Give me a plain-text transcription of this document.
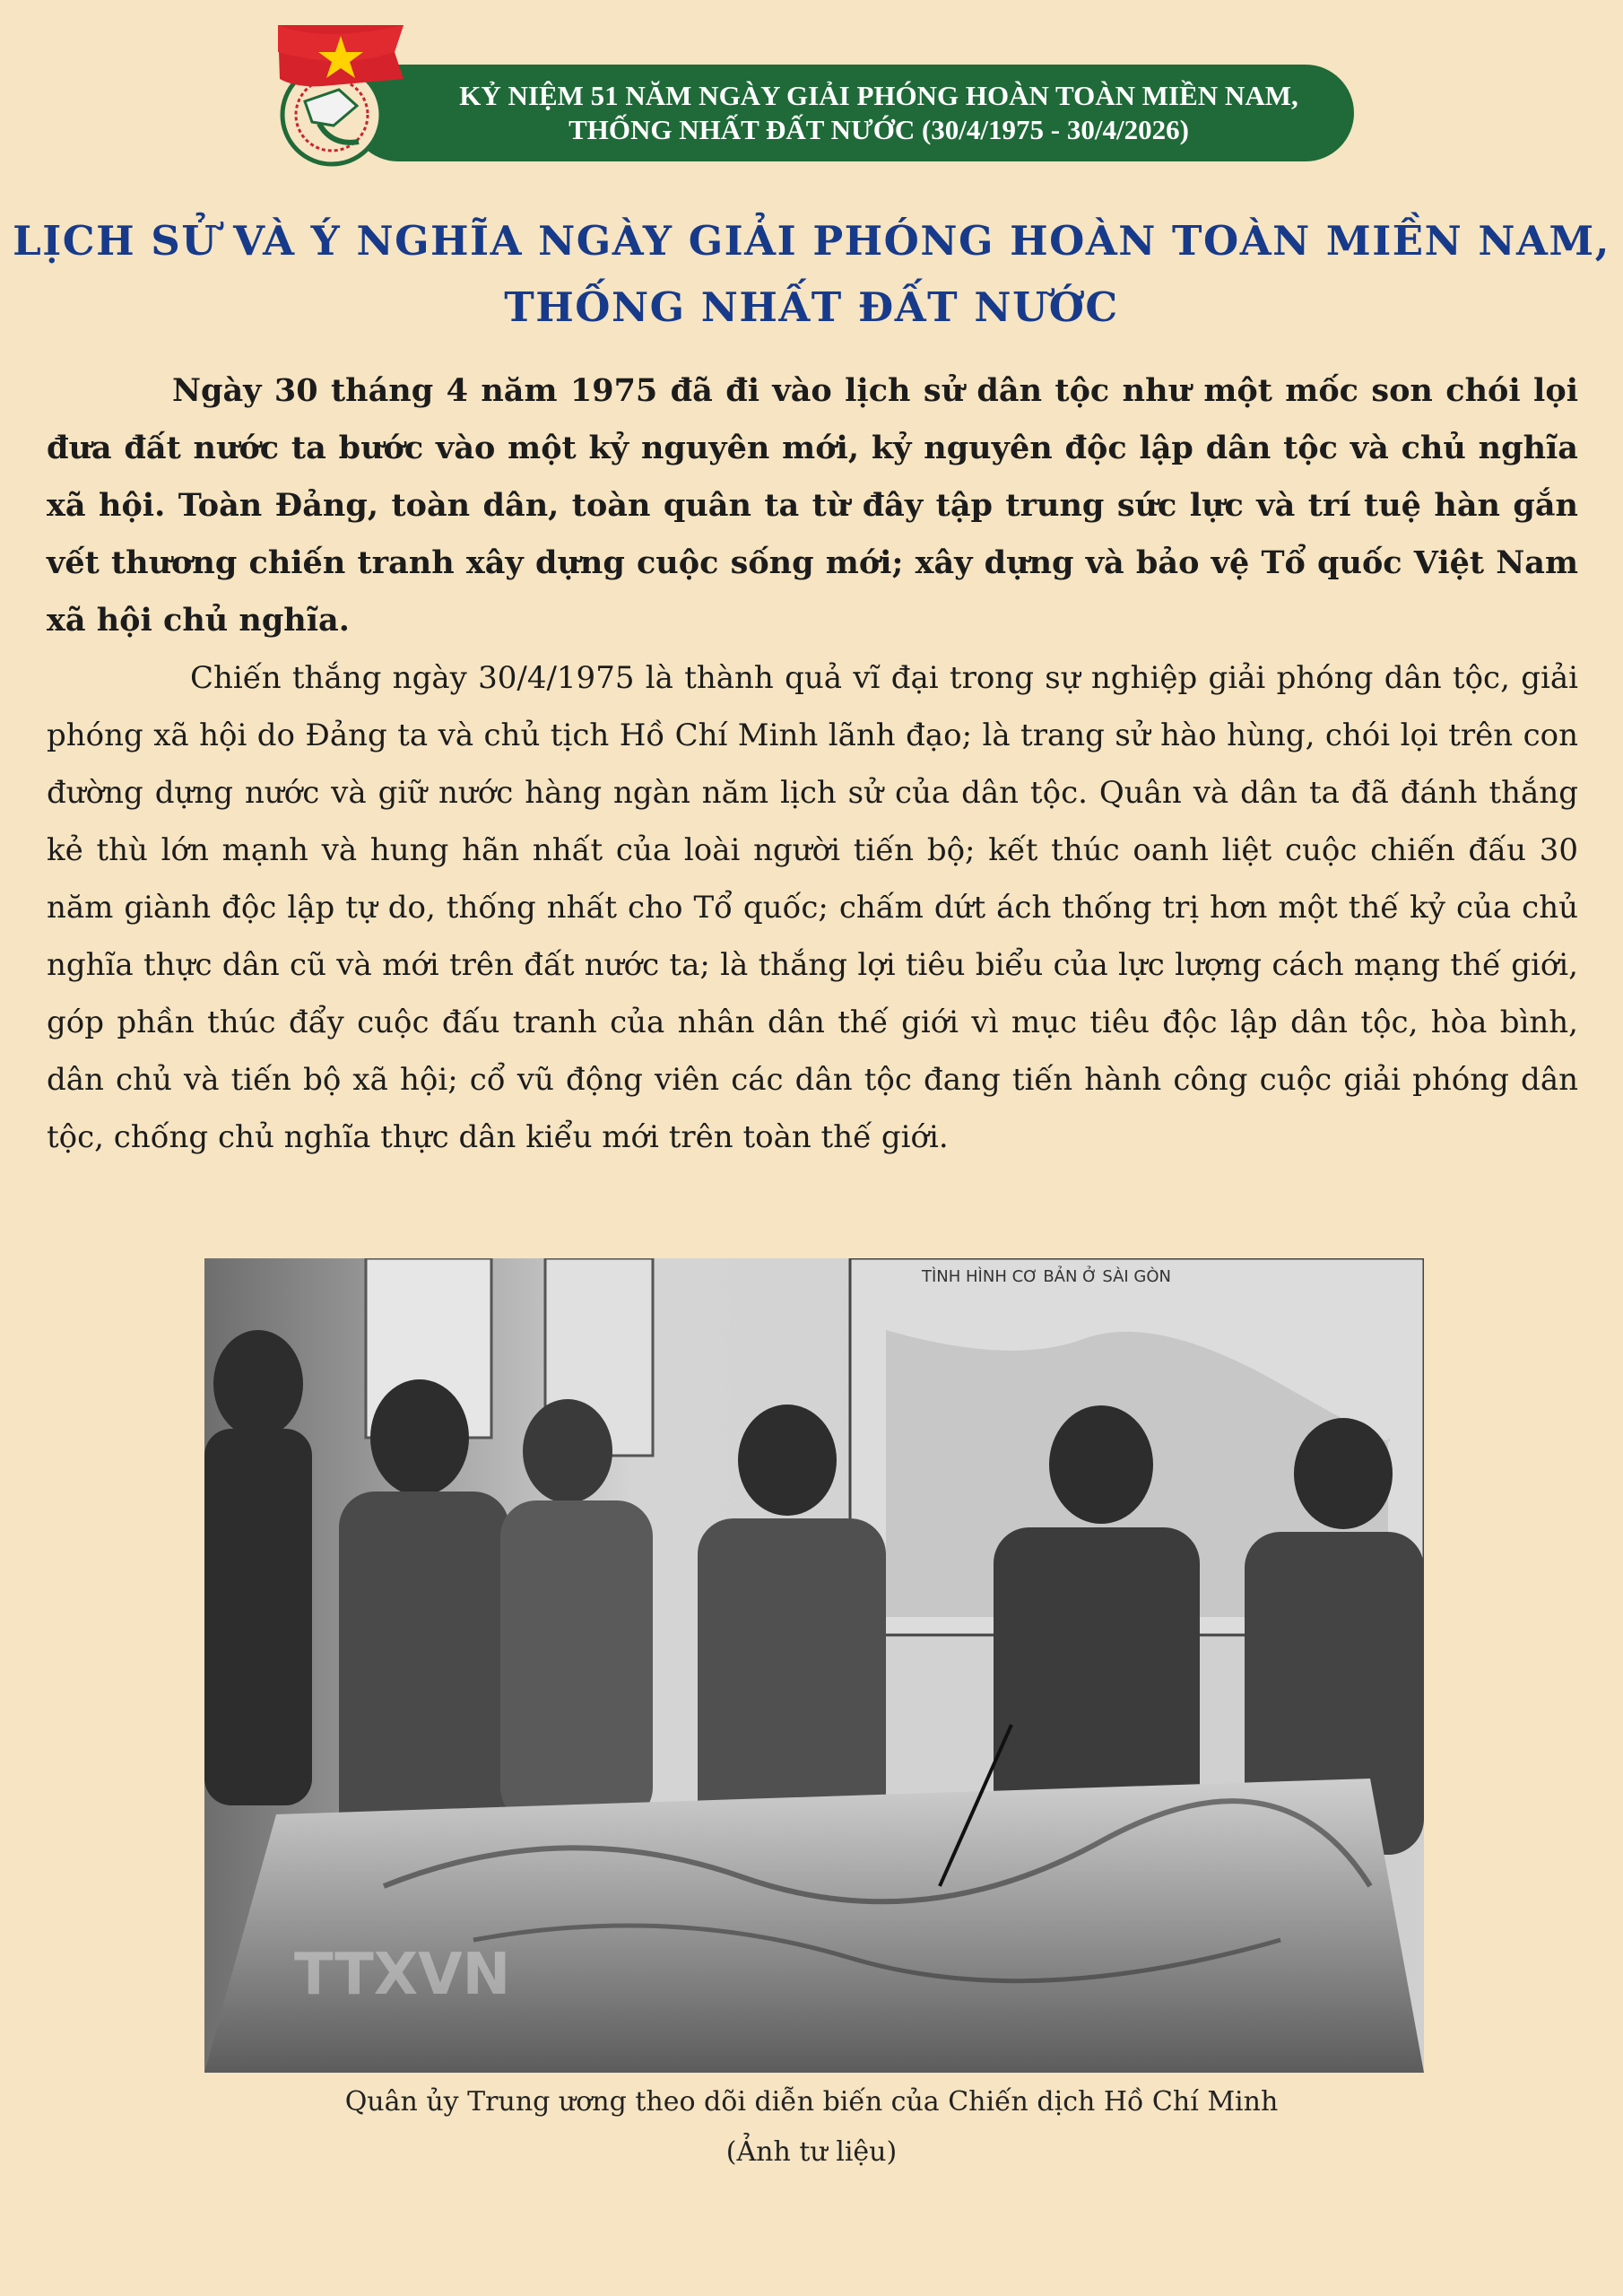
KỶ NIỆM 51 NĂM NGÀY GIẢI PHÓNG HOÀN TOÀN MIỀN NAM,
THỐNG NHẤT ĐẤT NƯỚC (30/4/1975 - 30/4/2026)
LỊCH SỬ VÀ Ý NGHĨA NGÀY GIẢI PHÓNG HOÀN TOÀN MIỀN NAM,
THỐNG NHẤT ĐẤT NƯỚC
Ngày 30 tháng 4 năm 1975 đã đi vào lịch sử dân tộc như một mốc son chói lọi đưa đất nước ta bước vào một kỷ nguyên mới, kỷ nguyên độc lập dân tộc và chủ nghĩa xã hội. Toàn Đảng, toàn dân, toàn quân ta từ đây tập trung sức lực và trí tuệ hàn gắn vết thương chiến tranh xây dựng cuộc sống mới; xây dựng và bảo vệ Tổ quốc Việt Nam xã hội chủ nghĩa.
Chiến thắng ngày 30/4/1975 là thành quả vĩ đại trong sự nghiệp giải phóng dân tộc, giải phóng xã hội do Đảng ta và chủ tịch Hồ Chí Minh lãnh đạo; là trang sử hào hùng, chói lọi trên con đường dựng nước và giữ nước hàng ngàn năm lịch sử của dân tộc. Quân và dân ta đã đánh thắng kẻ thù lớn mạnh và hung hãn nhất của loài người tiến bộ; kết thúc oanh liệt cuộc chiến đấu 30 năm giành độc lập tự do, thống nhất cho Tổ quốc; chấm dứt ách thống trị hơn một thế kỷ của chủ nghĩa thực dân cũ và mới trên đất nước ta; là thắng lợi tiêu biểu của lực lượng cách mạng thế giới, góp phần thúc đẩy cuộc đấu tranh của nhân dân thế giới vì mục tiêu độc lập dân tộc, hòa bình, dân chủ và tiến bộ xã hội; cổ vũ động viên các dân tộc đang tiến hành công cuộc giải phóng dân tộc, chống chủ nghĩa thực dân kiểu mới trên toàn thế giới.
TÌNH HÌNH CƠ BẢN Ở SÀI GÒN
TTXVN
Quân ủy Trung ương theo dõi diễn biến của Chiến dịch Hồ Chí Minh
(Ảnh tư liệu)
